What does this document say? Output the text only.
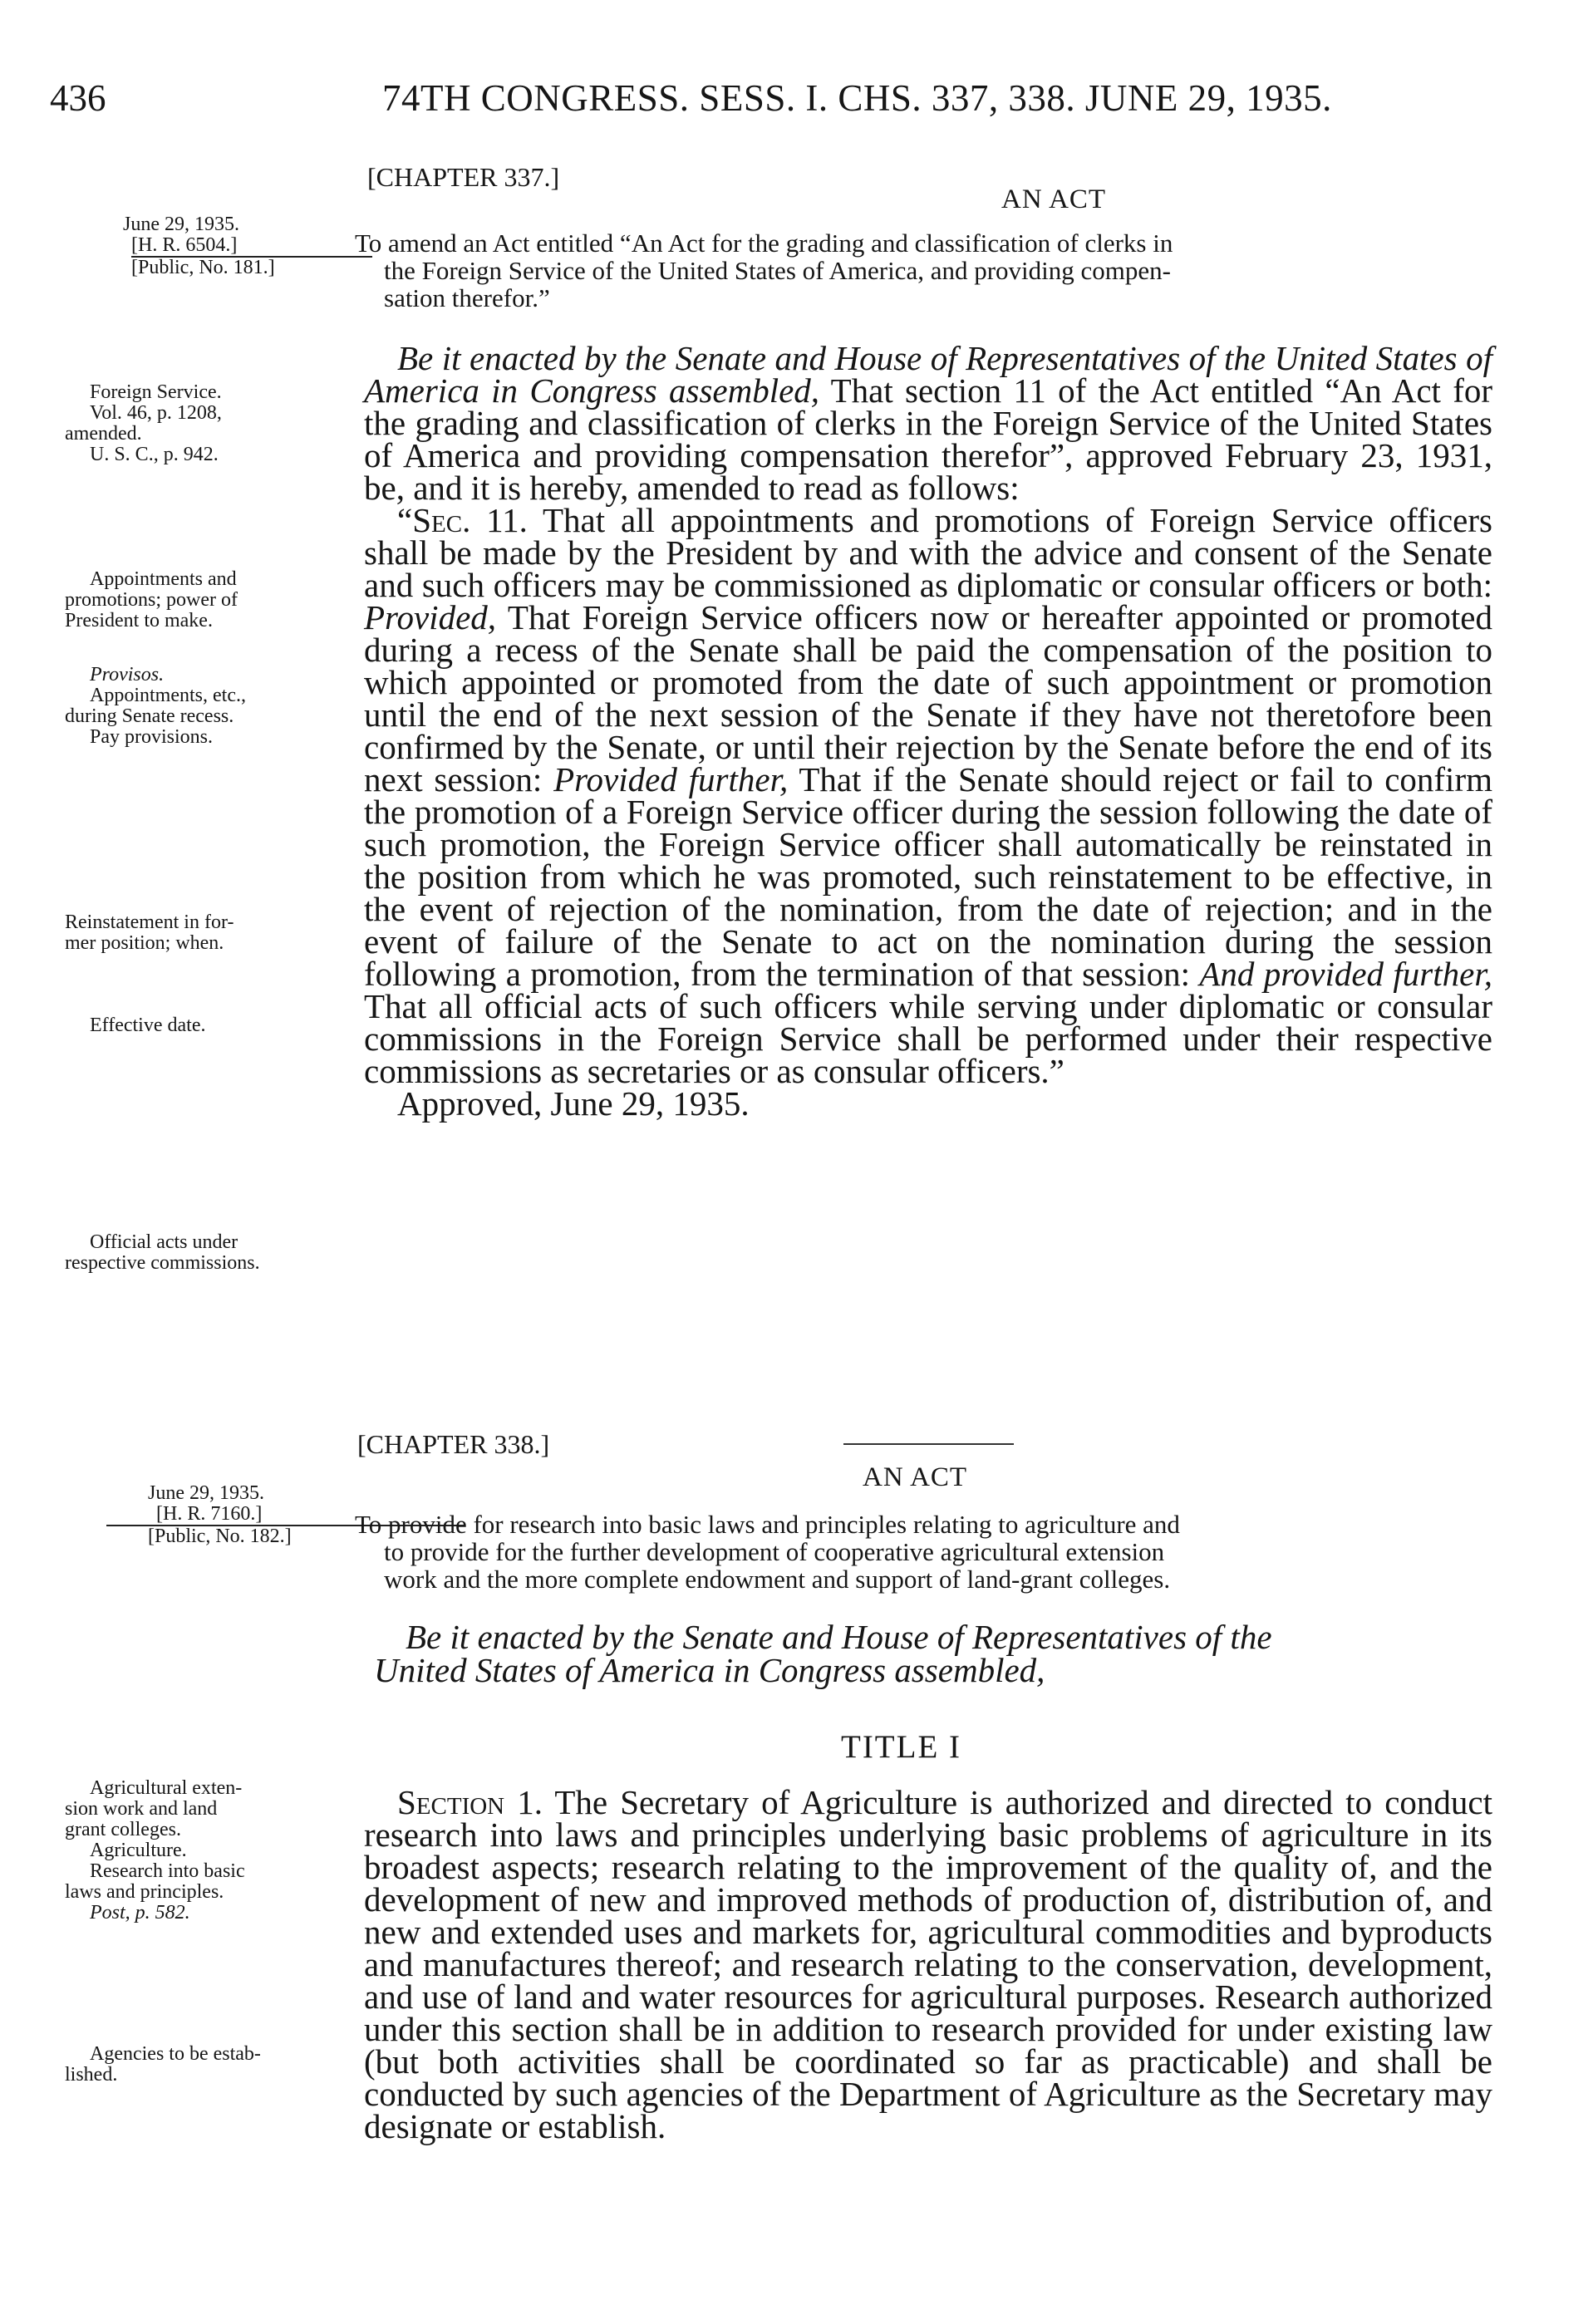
436	74TH CONGRESS. SESS. I. CHS. 337, 338. JUNE 29, 1935.
[CHAPTER 337.]
AN ACT
June 29, 1935.
[H. R. 6504.]
[Public, No. 181.]
To amend an Act entitled “An Act for the grading and classification of clerks in
the Foreign Service of the United States of America, and providing compen-
sation therefor.”
Foreign Service.
Vol. 46, p. 1208,
amended.
U. S. C., p. 942.
Appointments and
promotions; power of
President to make.
Provisos.
Appointments, etc.,
during Senate recess.
Pay provisions.
Reinstatement in for-
mer position; when.
Effective date.
Official acts under
respective commissions.

Be it enacted by the Senate and House of Representatives of the United States of America in Congress assembled, That section 11 of the Act entitled “An Act for the grading and classification of clerks in the Foreign Service of the United States of America and providing compensation therefor”, approved February 23, 1931, be, and it is hereby, amended to read as follows:

“Sec. 11. That all appointments and promotions of Foreign Service officers shall be made by the President by and with the advice and consent of the Senate and such officers may be commissioned as diplomatic or consular officers or both: Provided, That Foreign Service officers now or hereafter appointed or promoted during a recess of the Senate shall be paid the compensation of the position to which appointed or promoted from the date of such appointment or promotion until the end of the next session of the Senate if they have not theretofore been confirmed by the Senate, or until their rejection by the Senate before the end of its next session: Provided further, That if the Senate should reject or fail to confirm the promotion of a Foreign Service officer during the session following the date of such promotion, the Foreign Service officer shall automatically be reinstated in the position from which he was promoted, such reinstatement to be effective, in the event of rejection of the nomination, from the date of rejection; and in the event of failure of the Senate to act on the nomination during the session following a promotion, from the termination of that session: And provided further, That all official acts of such officers while serving under diplomatic or consular commissions in the Foreign Service shall be performed under their respective commissions as secretaries or as consular officers.”

Approved, June 29, 1935.

[CHAPTER 338.]
AN ACT
June 29, 1935.
[H. R. 7160.]
[Public, No. 182.]	To provide for research into basic laws and principles relating to agriculture and
to provide for the further development of cooperative agricultural extension
work and the more complete endowment and support of land-grant colleges.
Be it enacted by the Senate and House of Representatives of the
United States of America in Congress assembled,
TITLE I
Agricultural exten-
sion work and land
grant colleges.
Agriculture.
Research into basic
laws and principles.
Post, p. 582.
Agencies to be estab-
lished.

Section 1. The Secretary of Agriculture is authorized and directed to conduct research into laws and principles underlying basic problems of agriculture in its broadest aspects; research relating to the improvement of the quality of, and the development of new and improved methods of production of, distribution of, and new and extended uses and markets for, agricultural commodities and byproducts and manufactures thereof; and research relating to the conservation, development, and use of land and water resources for agricultural purposes. Research authorized under this section shall be in addition to research provided for under existing law (but both activities shall be coordinated so far as practicable) and shall be conducted by such agencies of the Department of Agriculture as the Secretary may designate or establish.
